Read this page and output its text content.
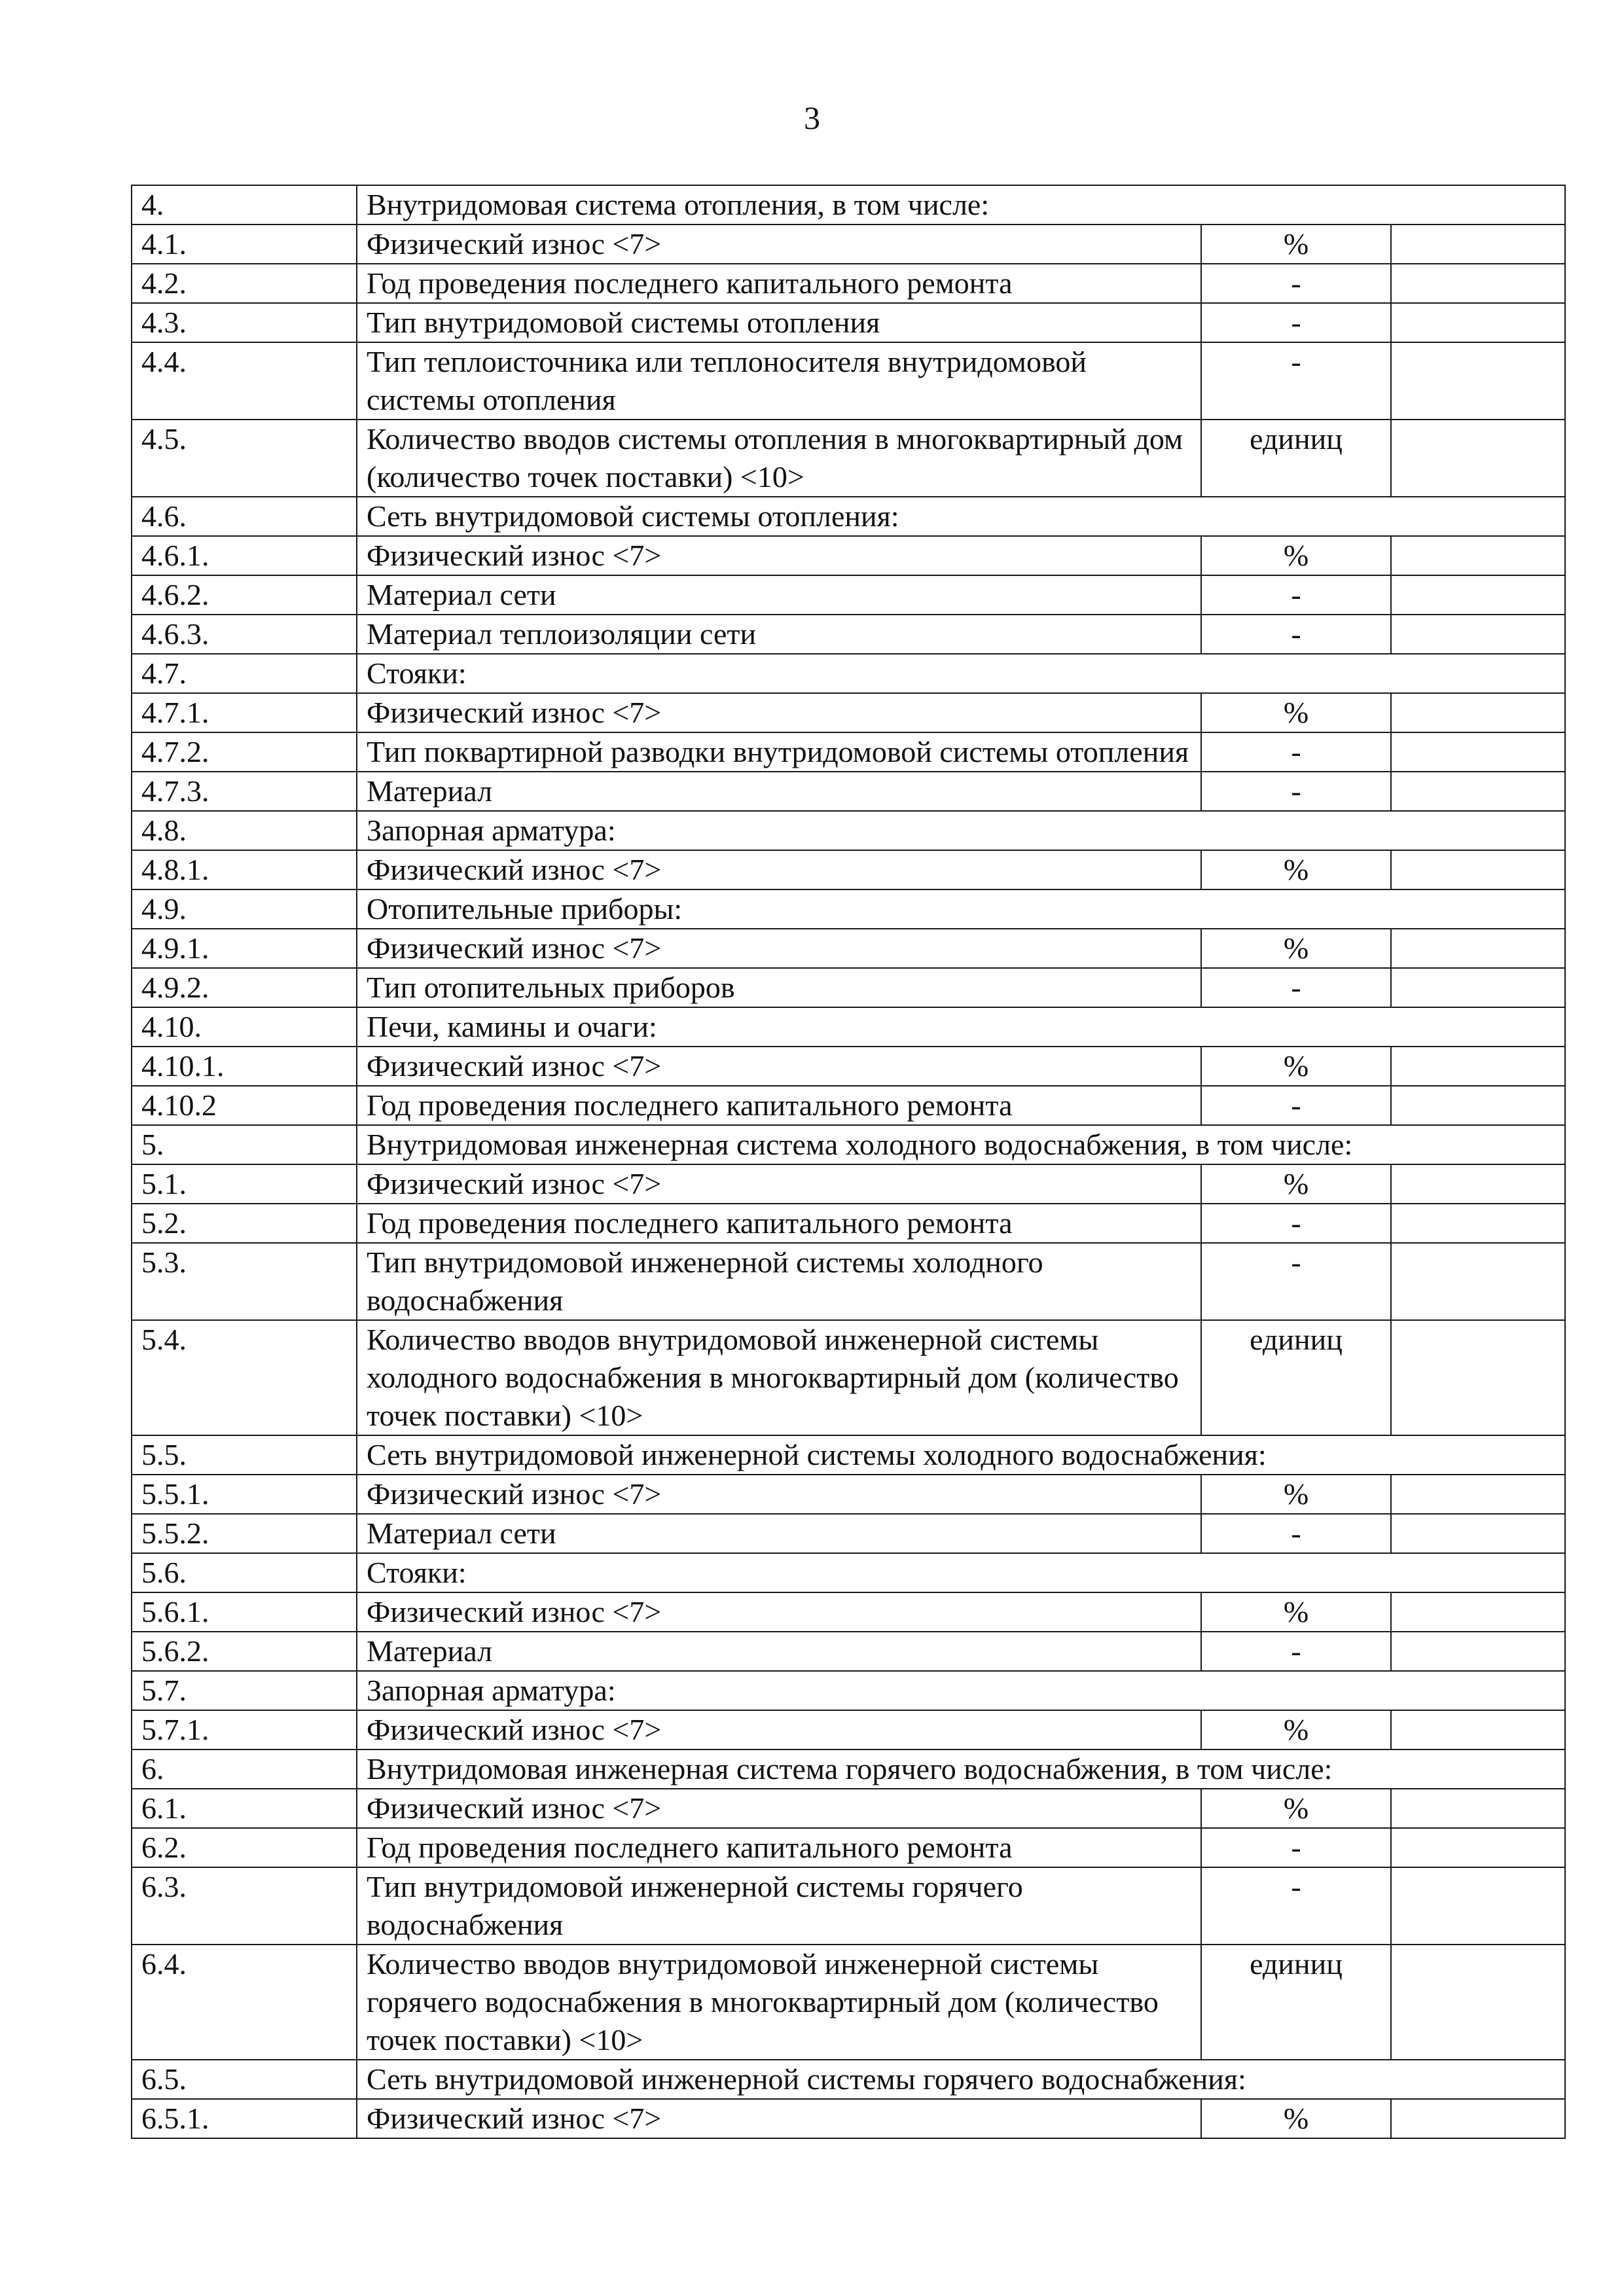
3
4.	Внутридомовая система отопления, в том числе:		
4.1.	Физический износ <7>	%	
4.2.	Год проведения последнего капитального ремонта	-	
4.3.	Тип внутридомовой системы отопления	-	
4.4.	Тип теплоисточника или теплоносителя внутридомовой системы отопления	-	
4.5.	Количество вводов системы отопления в многоквартирный дом (количество точек поставки) <10>	единиц	
4.6.	Сеть внутридомовой системы отопления:		
4.6.1.	Физический износ <7>	%	
4.6.2.	Материал сети	-	
4.6.3.	Материал теплоизоляции сети	-	
4.7.	Стояки:		
4.7.1.	Физический износ <7>	%	
4.7.2.	Тип поквартирной разводки внутридомовой системы отопления	-	
4.7.3.	Материал	-	
4.8.	Запорная арматура:		
4.8.1.	Физический износ <7>	%	
4.9.	Отопительные приборы:		
4.9.1.	Физический износ <7>	%	
4.9.2.	Тип отопительных приборов	-	
4.10.	Печи, камины и очаги:		
4.10.1.	Физический износ <7>	%	
4.10.2	Год проведения последнего капитального ремонта	-	
5.	Внутридомовая инженерная система холодного водоснабжения, в том числе:		
5.1.	Физический износ <7>	%	
5.2.	Год проведения последнего капитального ремонта	-	
5.3.	Тип внутридомовой инженерной системы холодного водоснабжения	-	
5.4.	Количество вводов внутридомовой инженерной системы холодного водоснабжения в многоквартирный дом (количество точек поставки) <10>	единиц	
5.5.	Сеть внутридомовой инженерной системы холодного водоснабжения:		
5.5.1.	Физический износ <7>	%	
5.5.2.	Материал сети	-	
5.6.	Стояки:		
5.6.1.	Физический износ <7>	%	
5.6.2.	Материал	-	
5.7.	Запорная арматура:		
5.7.1.	Физический износ <7>	%	
6.	Внутридомовая инженерная система горячего водоснабжения, в том числе:		
6.1.	Физический износ <7>	%	
6.2.	Год проведения последнего капитального ремонта	-	
6.3.	Тип внутридомовой инженерной системы горячего водоснабжения	-	
6.4.	Количество вводов внутридомовой инженерной системы горячего водоснабжения в многоквартирный дом (количество точек поставки) <10>	единиц	
6.5.	Сеть внутридомовой инженерной системы горячего водоснабжения:		
6.5.1.	Физический износ <7>	%	
